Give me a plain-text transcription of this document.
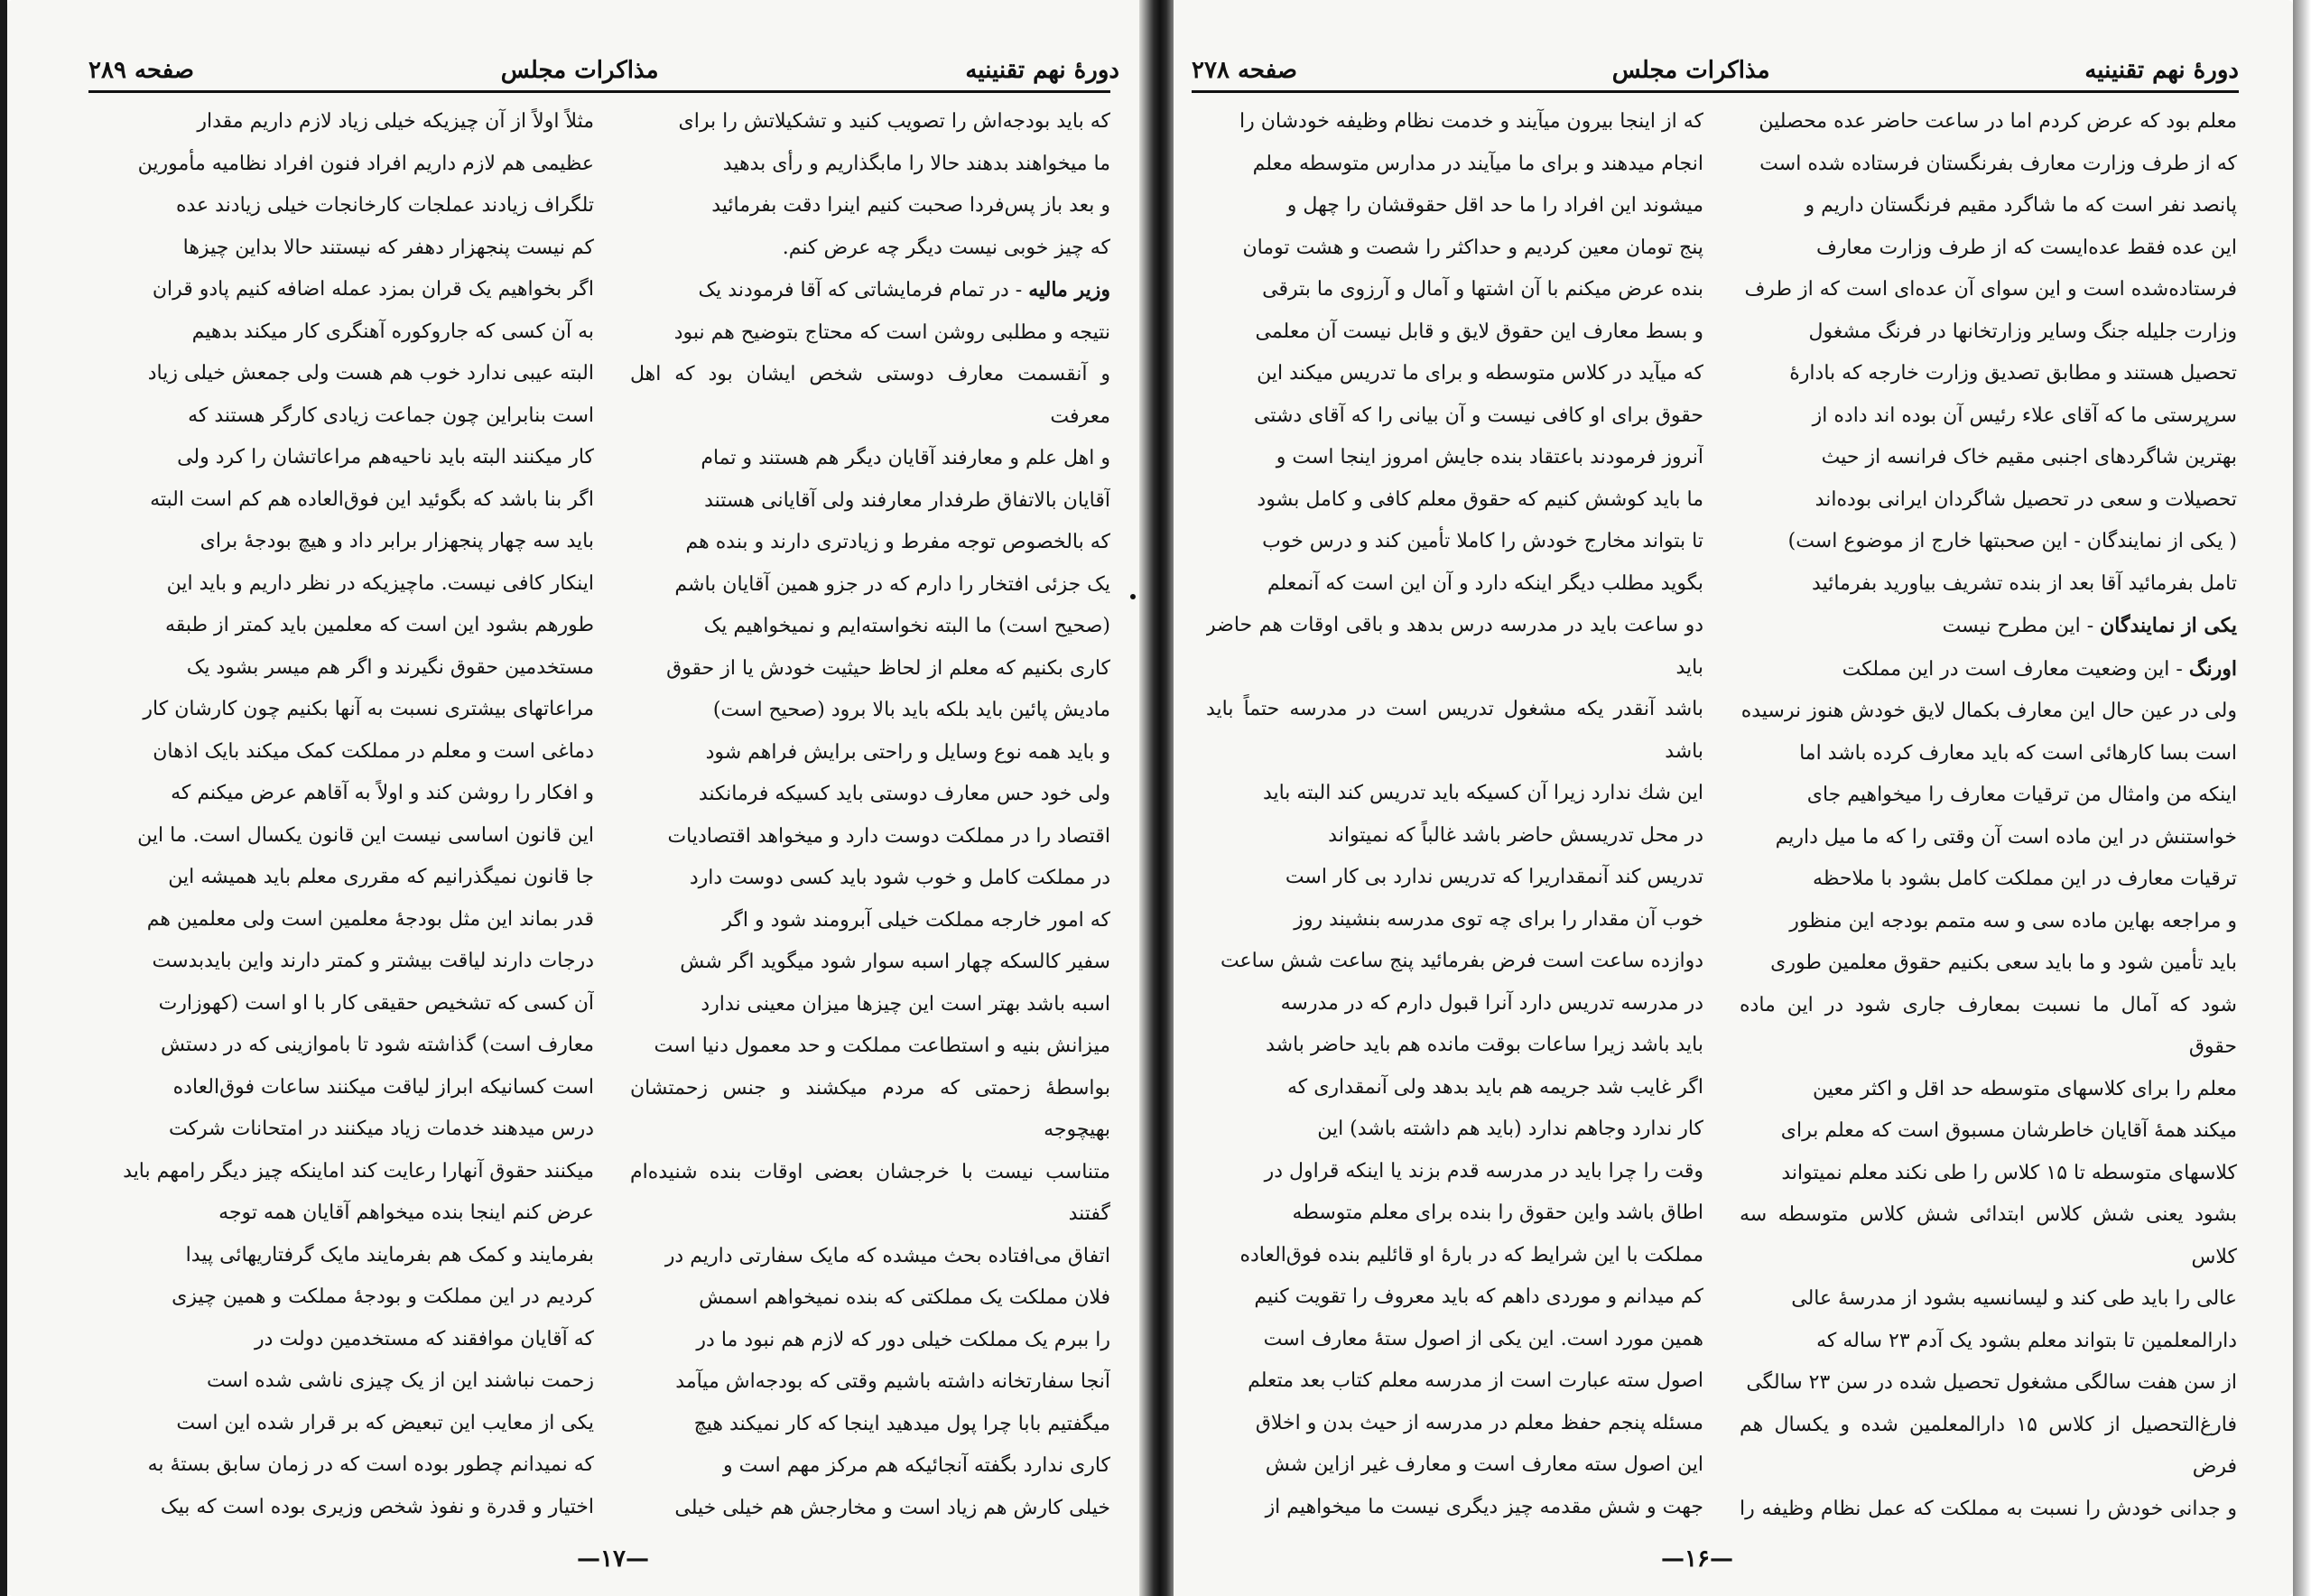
دورهٔ نهم تقنینیه
مذاکرات مجلس
صفحه ۲۸۹
که باید بودجه‌اش را تصویب کنید و تشکیلاتش را برای
ما میخواهند بدهند حالا را مابگذاریم و رأی بدهید
و بعد باز پس‌فردا صحبت کنیم اینرا دقت بفرمائید
که چیز خوبی نیست دیگر چه عرض کنم.
وزیر مالیه - در تمام فرمایشاتی که آقا فرمودند یک
نتیجه و مطلبی روشن است که محتاج بتوضیح هم نبود
و آنقسمت معارف دوستی شخص ایشان بود که اهل معرفت
و اهل علم و معارفند آقایان دیگر هم هستند و تمام
آقایان بالاتفاق طرفدار معارفند ولی آقایانی هستند
که بالخصوص توجه مفرط و زیادتری دارند و بنده هم
یک جزئی افتخار را دارم که در جزو همین آقایان باشم
(صحیح است) ما البته نخواسته‌ایم و نمیخواهیم یک
کاری بکنیم که معلم از لحاظ حیثیت خودش یا از حقوق
مادیش پائین باید بلکه باید بالا برود (صحیح است)
و باید همه نوع وسایل و راحتی برایش فراهم شود
ولی خود حس معارف دوستی باید کسیکه فرمانکند
اقتصاد را در مملکت دوست دارد و میخواهد اقتصادیات
در مملکت کامل و خوب شود باید کسی دوست دارد
که امور خارجه مملکت خیلی آبرومند شود و اگر
سفیر کالسکه چهار اسبه سوار شود میگوید اگر شش
اسبه باشد بهتر است این چیزها میزان معینی ندارد
میزانش بنیه و استطاعت مملکت و حد معمول دنیا است
بواسطهٔ زحمتی که مردم میکشند و جنس زحمتشان بهیچوجه
متناسب نیست با خرجشان بعضی اوقات بنده شنیده‌ام گفتند
اتفاق می‌افتاده بحث میشده که مایک سفارتی داریم در
فلان مملکت یک مملکتی که بنده نمیخواهم اسمش
را ببرم یک مملکت خیلی دور که لازم هم نبود ما در
آنجا سفارتخانه داشته باشیم وقتی که بودجه‌اش میآمد
میگفتیم بابا چرا پول میدهید اینجا که کار نمیکند هیچ
کاری ندارد بگفته آنجائیکه هم مرکز مهم است و
خیلی کارش هم زیاد است و مخارجش هم خیلی خیلی
مثلاً اولاً از آن چیزیکه خیلی زیاد لازم داریم مقدار
عظیمی هم لازم داریم افراد فنون افراد نظامیه مأمورین
تلگراف زیادند عملجات کارخانجات خیلی زیادند عده
کم نیست پنجهزار دهفر که نیستند حالا بداین چیزها
اگر بخواهیم یک قران بمزد عمله اضافه کنیم پادو قران
به آن کسی که جاروکوره آهنگری کار میکند بدهیم
البته عیبی ندارد خوب هم هست ولی جمعش خیلی زیاد
است بنابراین چون جماعت زیادی کارگر هستند که
کار میکنند البته باید ناحیه‌هم مراعاتشان را کرد ولی
اگر بنا باشد که بگوئید این فوق‌العاده هم کم است البته
باید سه چهار پنجهزار برابر داد و هیچ بودجهٔ برای
اینکار کافی نیست. ماچیزیکه در نظر داریم و باید این
طورهم بشود این است که معلمین باید کمتر از طبقه
مستخدمین حقوق نگیرند و اگر هم میسر بشود یک
مراعاتهای بیشتری نسبت به آنها بکنیم چون کارشان کار
دماغی است و معلم در مملکت کمک میکند بایک اذهان
و افکار را روشن کند و اولاً به آقاهم عرض میکنم که
این قانون اساسی نیست این قانون یکسال است. ما این
جا قانون نمیگذرانیم که مقرری معلم باید همیشه این
قدر بماند این مثل بودجهٔ معلمین است ولی معلمین هم
درجات دارند لیاقت بیشتر و کمتر دارند واین بایدبدست
آن کسی که تشخیص حقیقی کار با او است (کهوزارت
معارف است) گذاشته شود تا باموازینی که در دستش
است کسانیکه ابراز لیاقت میکنند ساعات فوق‌العاده
درس میدهند خدمات زیاد میکنند در امتحانات شرکت
میکنند حقوق آنهارا رعایت کند اماینکه چیز دیگر رامهم باید
عرض کنم اینجا بنده میخواهم آقایان همه توجه
بفرمایند و کمک هم بفرمایند مایک گرفتاریهائی پیدا
کردیم در این مملکت و بودجهٔ مملکت و همین چیزی
که آقایان موافقند که مستخدمین دولت در
زحمت نباشند این از یک چیزی ناشی شده است
یکی از معایب این تبعیض که بر قرار شده این است
که نمیدانم چطور بوده است که در زمان سابق بستهٔ به
اختیار و قدرة و نفوذ شخص وزیری بوده است که بیک
—۱۷—
دورهٔ نهم تقنینیه
مذاکرات مجلس
صفحه ۲۷۸
معلم بود که عرض کردم اما در ساعت حاضر عده محصلین
که از طرف وزارت معارف بفرنگستان فرستاده شده است
پانصد نفر است که ما شاگرد مقیم فرنگستان داریم و
این عده فقط عده‌ایست که از طرف وزارت معارف
فرستاده‌شده است و این سوای آن عده‌ای است که از طرف
وزارت جلیله جنگ وسایر وزارتخانها در فرنگ مشغول
تحصیل هستند و مطابق تصدیق وزارت خارجه که بادارهٔ
سرپرستی ما که آقای علاء رئیس آن بوده اند داده از
بهترین شاگردهای اجنبی مقیم خاک فرانسه از حیث
تحصیلات و سعی در تحصیل شاگردان ایرانی بوده‌اند
( یکی از نمایندگان - این صحبتها خارج از موضوع است)
تامل بفرمائید آقا بعد از بنده تشریف بیاورید بفرمائید
یکی از نمایندگان - این مطرح نیست
اورنگ - این وضعیت معارف است در این مملکت
ولی در عین حال این معارف بکمال لایق خودش هنوز نرسیده
است بسا کارهائی است که باید معارف کرده باشد اما
اینکه من وامثال من ترقیات معارف را میخواهیم جای
خواستنش در این ماده است آن وقتی را که ما میل داریم
ترقیات معارف در این مملکت کامل بشود با ملاحظه
و مراجعه بهاین ماده سی و سه متمم بودجه این منظور
باید تأمین شود و ما باید سعی بکنیم حقوق معلمین طوری
شود که آمال ما نسبت بمعارف جاری شود در این ماده حقوق
معلم را برای کلاسهای متوسطه حد اقل و اکثر معین
میکند همهٔ آقایان خاطرشان مسبوق است که معلم برای
کلاسهای متوسطه تا ۱۵ کلاس را طی نکند معلم نمیتواند
بشود یعنی شش کلاس ابتدائی شش کلاس متوسطه سه کلاس
عالی را باید طی کند و لیسانسیه بشود از مدرسهٔ عالی
دارالمعلمین تا بتواند معلم بشود یک آدم ۲۳ ساله که
از سن هفت سالگی مشغول تحصیل شده در سن ۲۳ سالگی
فارغ‌التحصیل از کلاس ۱۵ دارالمعلمین شده و یکسال هم فرض
و جدانی خودش را نسبت به مملکت که عمل نظام وظیفه را
که از اینجا بیرون میآیند و خدمت نظام وظیفه خودشان را
انجام میدهند و برای ما میآیند در مدارس متوسطه معلم
میشوند این افراد را ما حد اقل حقوقشان را چهل و
پنج تومان معین کردیم و حداکثر را شصت و هشت تومان
بنده عرض میکنم با آن اشتها و آمال و آرزوی ما بترقی
و بسط معارف این حقوق لایق و قابل نیست آن معلمی
که میآید در کلاس متوسطه و برای ما تدریس میکند این
حقوق برای او کافی نیست و آن بیانی را که آقای دشتی
آنروز فرمودند باعتقاد بنده جایش امروز اینجا است و
ما باید کوشش کنیم که حقوق معلم کافی و کامل بشود
تا بتواند مخارج خودش را کاملا تأمین کند و درس خوب
بگوید مطلب دیگر اینکه دارد و آن این است که آنمعلم
دو ساعت باید در مدرسه درس بدهد و باقی اوقات هم حاضر باید
باشد آنقدر یکه مشغول تدریس است در مدرسه حتماً باید باشد
این شك ندارد زیرا آن کسیکه باید تدریس کند البته باید
در محل تدریسش حاضر باشد غالباً که نمیتواند
تدریس کند آنمقداریرا که تدریس ندارد بی کار است
خوب آن مقدار را برای چه توی مدرسه بنشیند روز
دوازده ساعت است فرض بفرمائید پنج ساعت شش ساعت
در مدرسه تدریس دارد آنرا قبول دارم که در مدرسه
باید باشد زیرا ساعات بوقت مانده هم باید حاضر باشد
اگر غایب شد جریمه هم باید بدهد ولی آنمقداری که
کار ندارد وجاهم ندارد (باید هم داشته باشد) این
وقت را چرا باید در مدرسه قدم بزند یا اینکه قراول در
اطاق باشد واین حقوق را بنده برای معلم متوسطه
مملکت با این شرایط که در بارهٔ او قائلیم بنده فوق‌العاده
کم میدانم و موردی داهم که باید معروف را تقویت کنیم
همین مورد است. این یکی از اصول ستهٔ معارف است
اصول سته عبارت است از مدرسه معلم کتاب بعد متعلم
مسئله پنجم حفظ معلم در مدرسه از حیث بدن و اخلاق
این اصول سته معارف است و معارف غیر ازاین شش
جهت و شش مقدمه چیز دیگری نیست ما میخواهیم از
—۱۶—
